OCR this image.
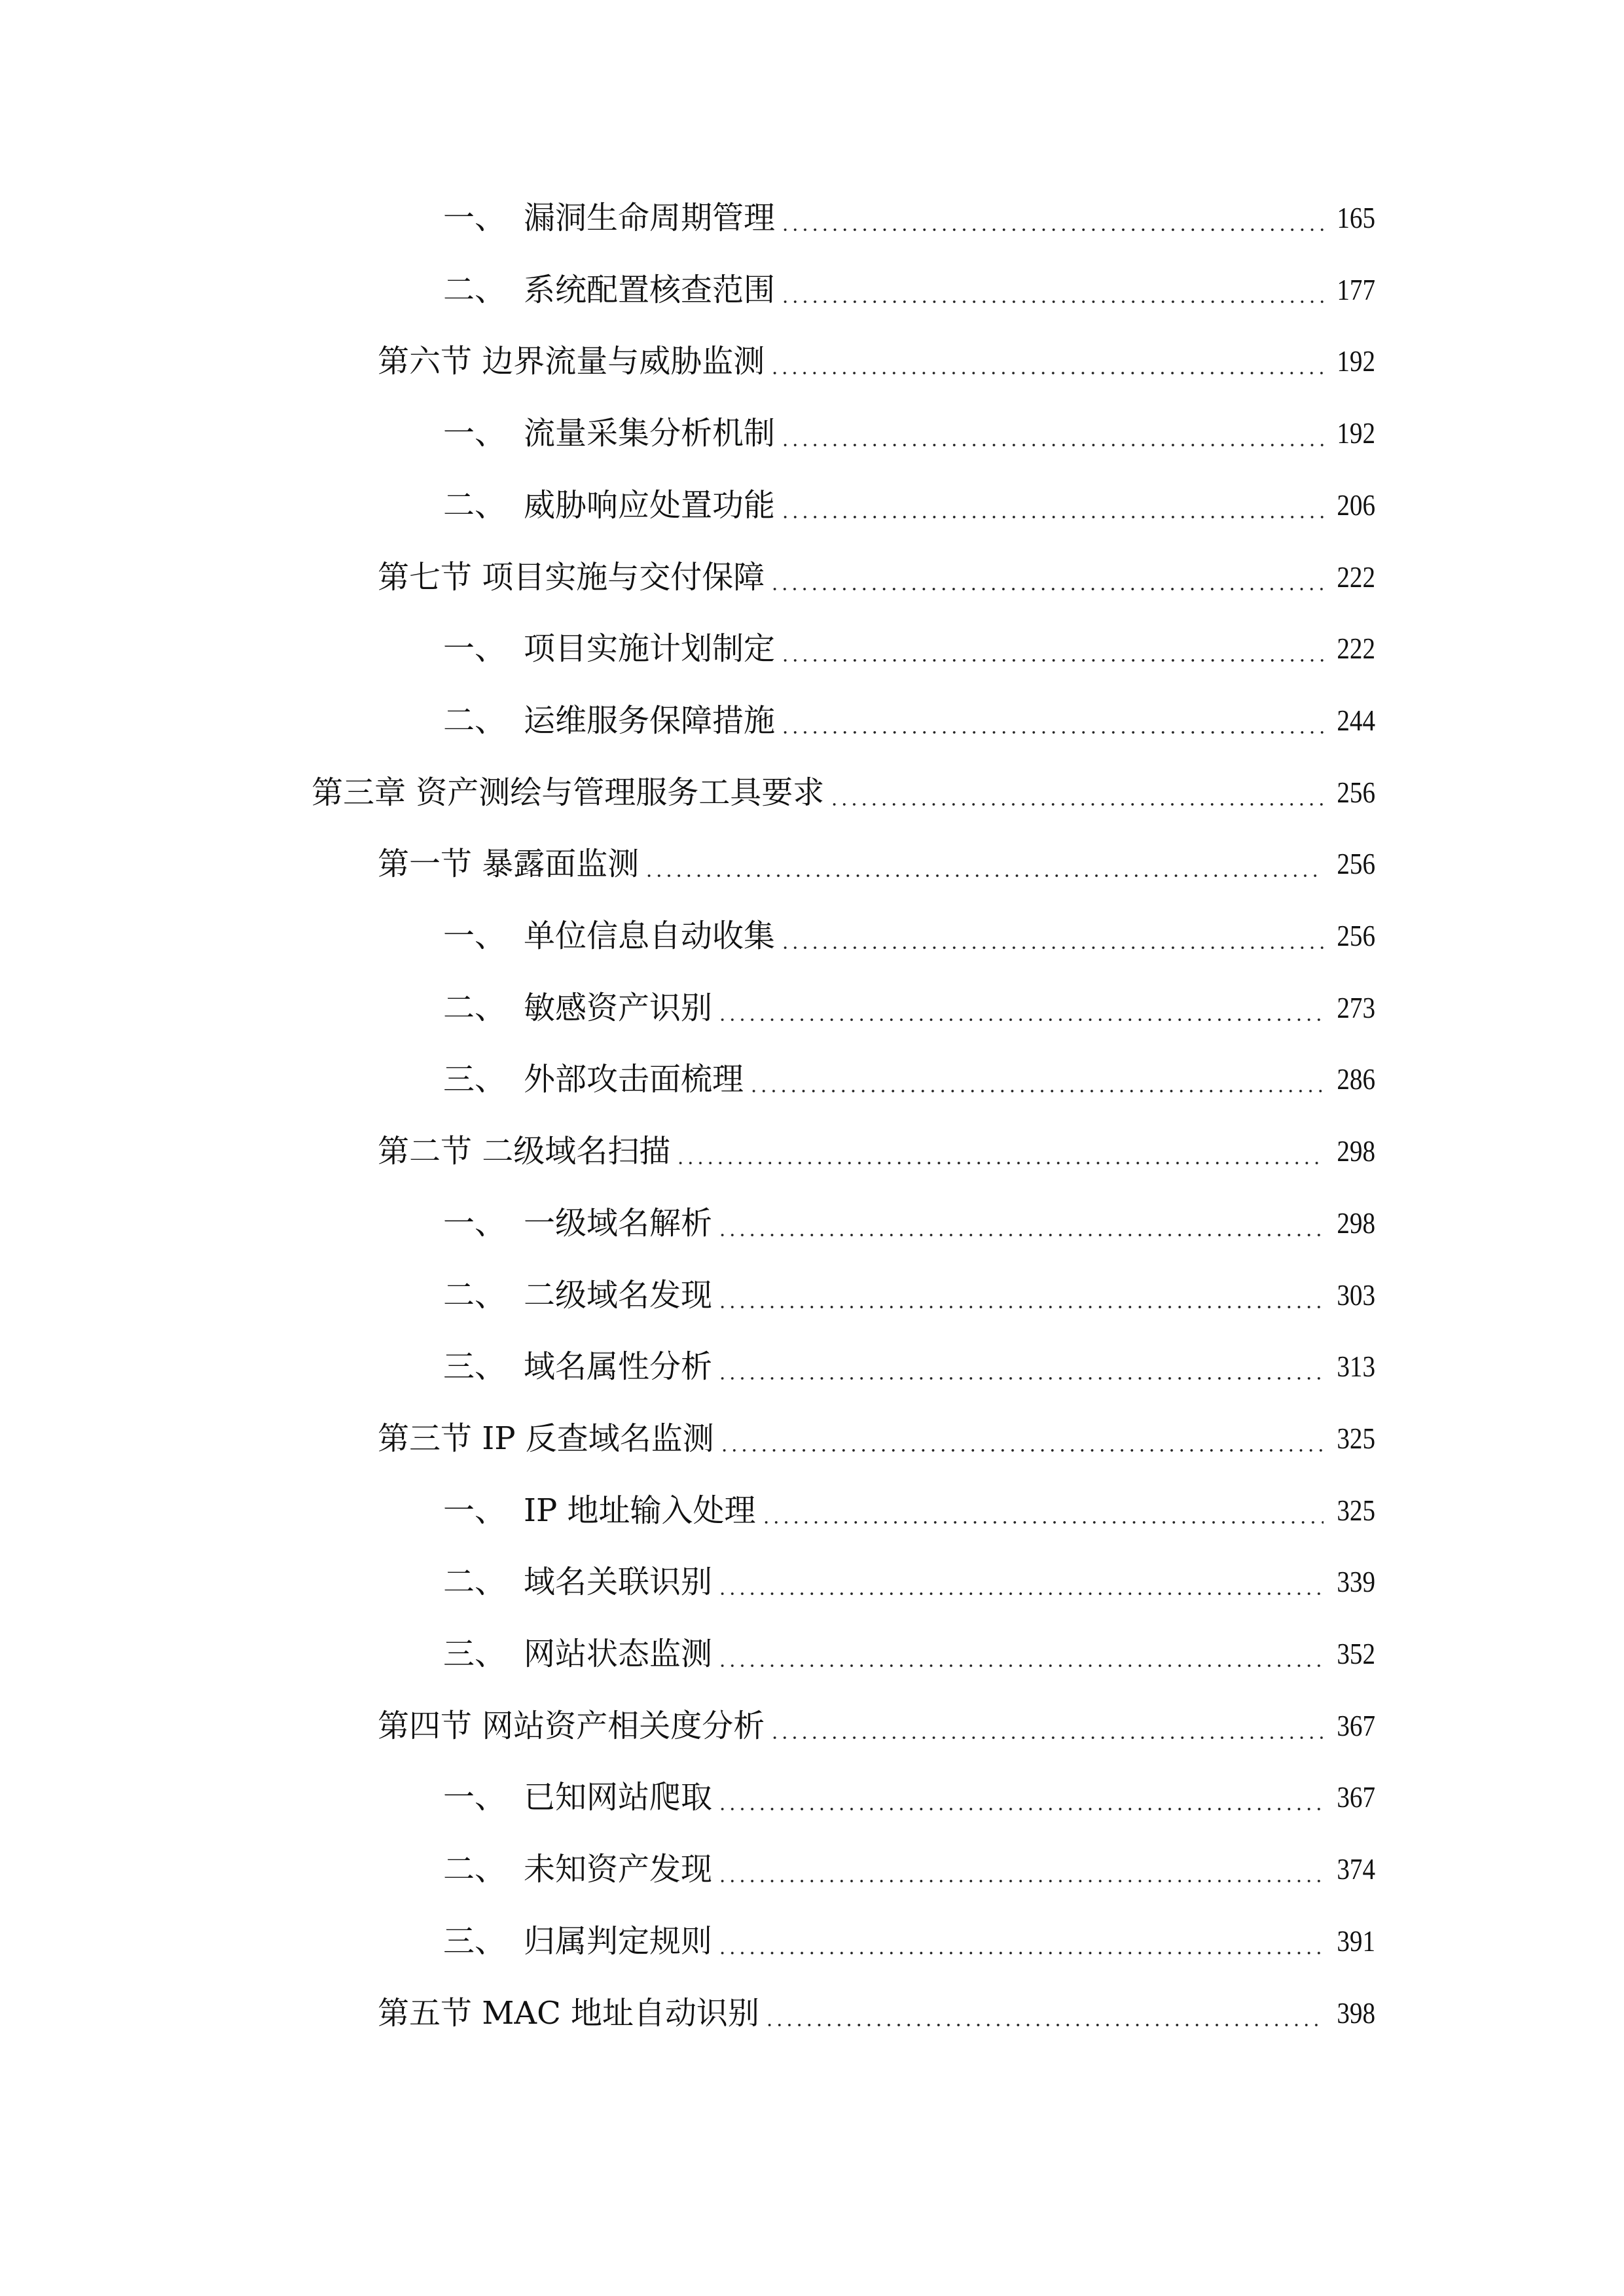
一、 漏洞生命周期管理	165
二、 系统配置核查范围	177
第六节 边界流量与威胁监测	192
一、 流量采集分析机制	192
二、 威胁响应处置功能	206
第七节 项目实施与交付保障	222
一、 项目实施计划制定	222
二、 运维服务保障措施	244
第三章 资产测绘与管理服务工具要求	256
第一节 暴露面监测	256
一、 单位信息自动收集	256
二、 敏感资产识别	273
三、 外部攻击面梳理	286
第二节 二级域名扫描	298
一、 一级域名解析	298
二、 二级域名发现	303
三、 域名属性分析	313
第三节 IP 反查域名监测	325
一、 IP 地址输入处理	325
二、 域名关联识别	339
三、 网站状态监测	352
第四节 网站资产相关度分析	367
一、 已知网站爬取	367
二、 未知资产发现	374
三、 归属判定规则	391
第五节 MAC 地址自动识别	398
